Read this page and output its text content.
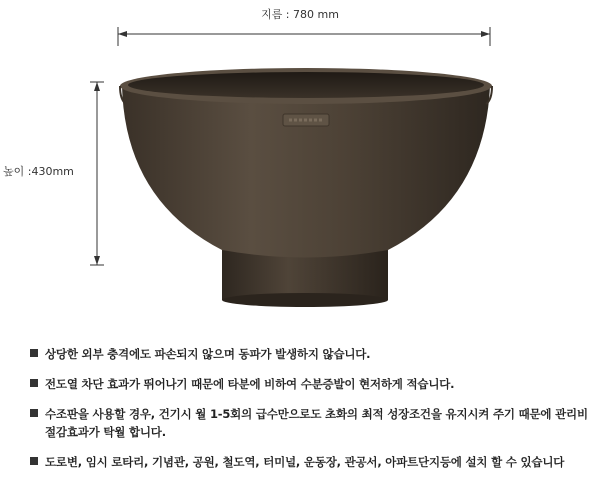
지름 : 780 mm
높이 :430mm
상당한 외부 충격에도 파손되지 않으며 동파가 발생하지 않습니다.
전도열 차단 효과가 뛰어나기 때문에 타분에 비하여 수분증발이 현저하게 적습니다.
수조판을 사용할 경우, 건기시 월 1-5회의 급수만으로도 초화의 최적 성장조건을 유지시켜 주기 때문에 관리비 절감효과가 탁월 합니다.
도로변, 임시 로타리, 기념관, 공원, 철도역, 터미널, 운동장, 관공서, 아파트단지등에 설치 할 수 있습니다
